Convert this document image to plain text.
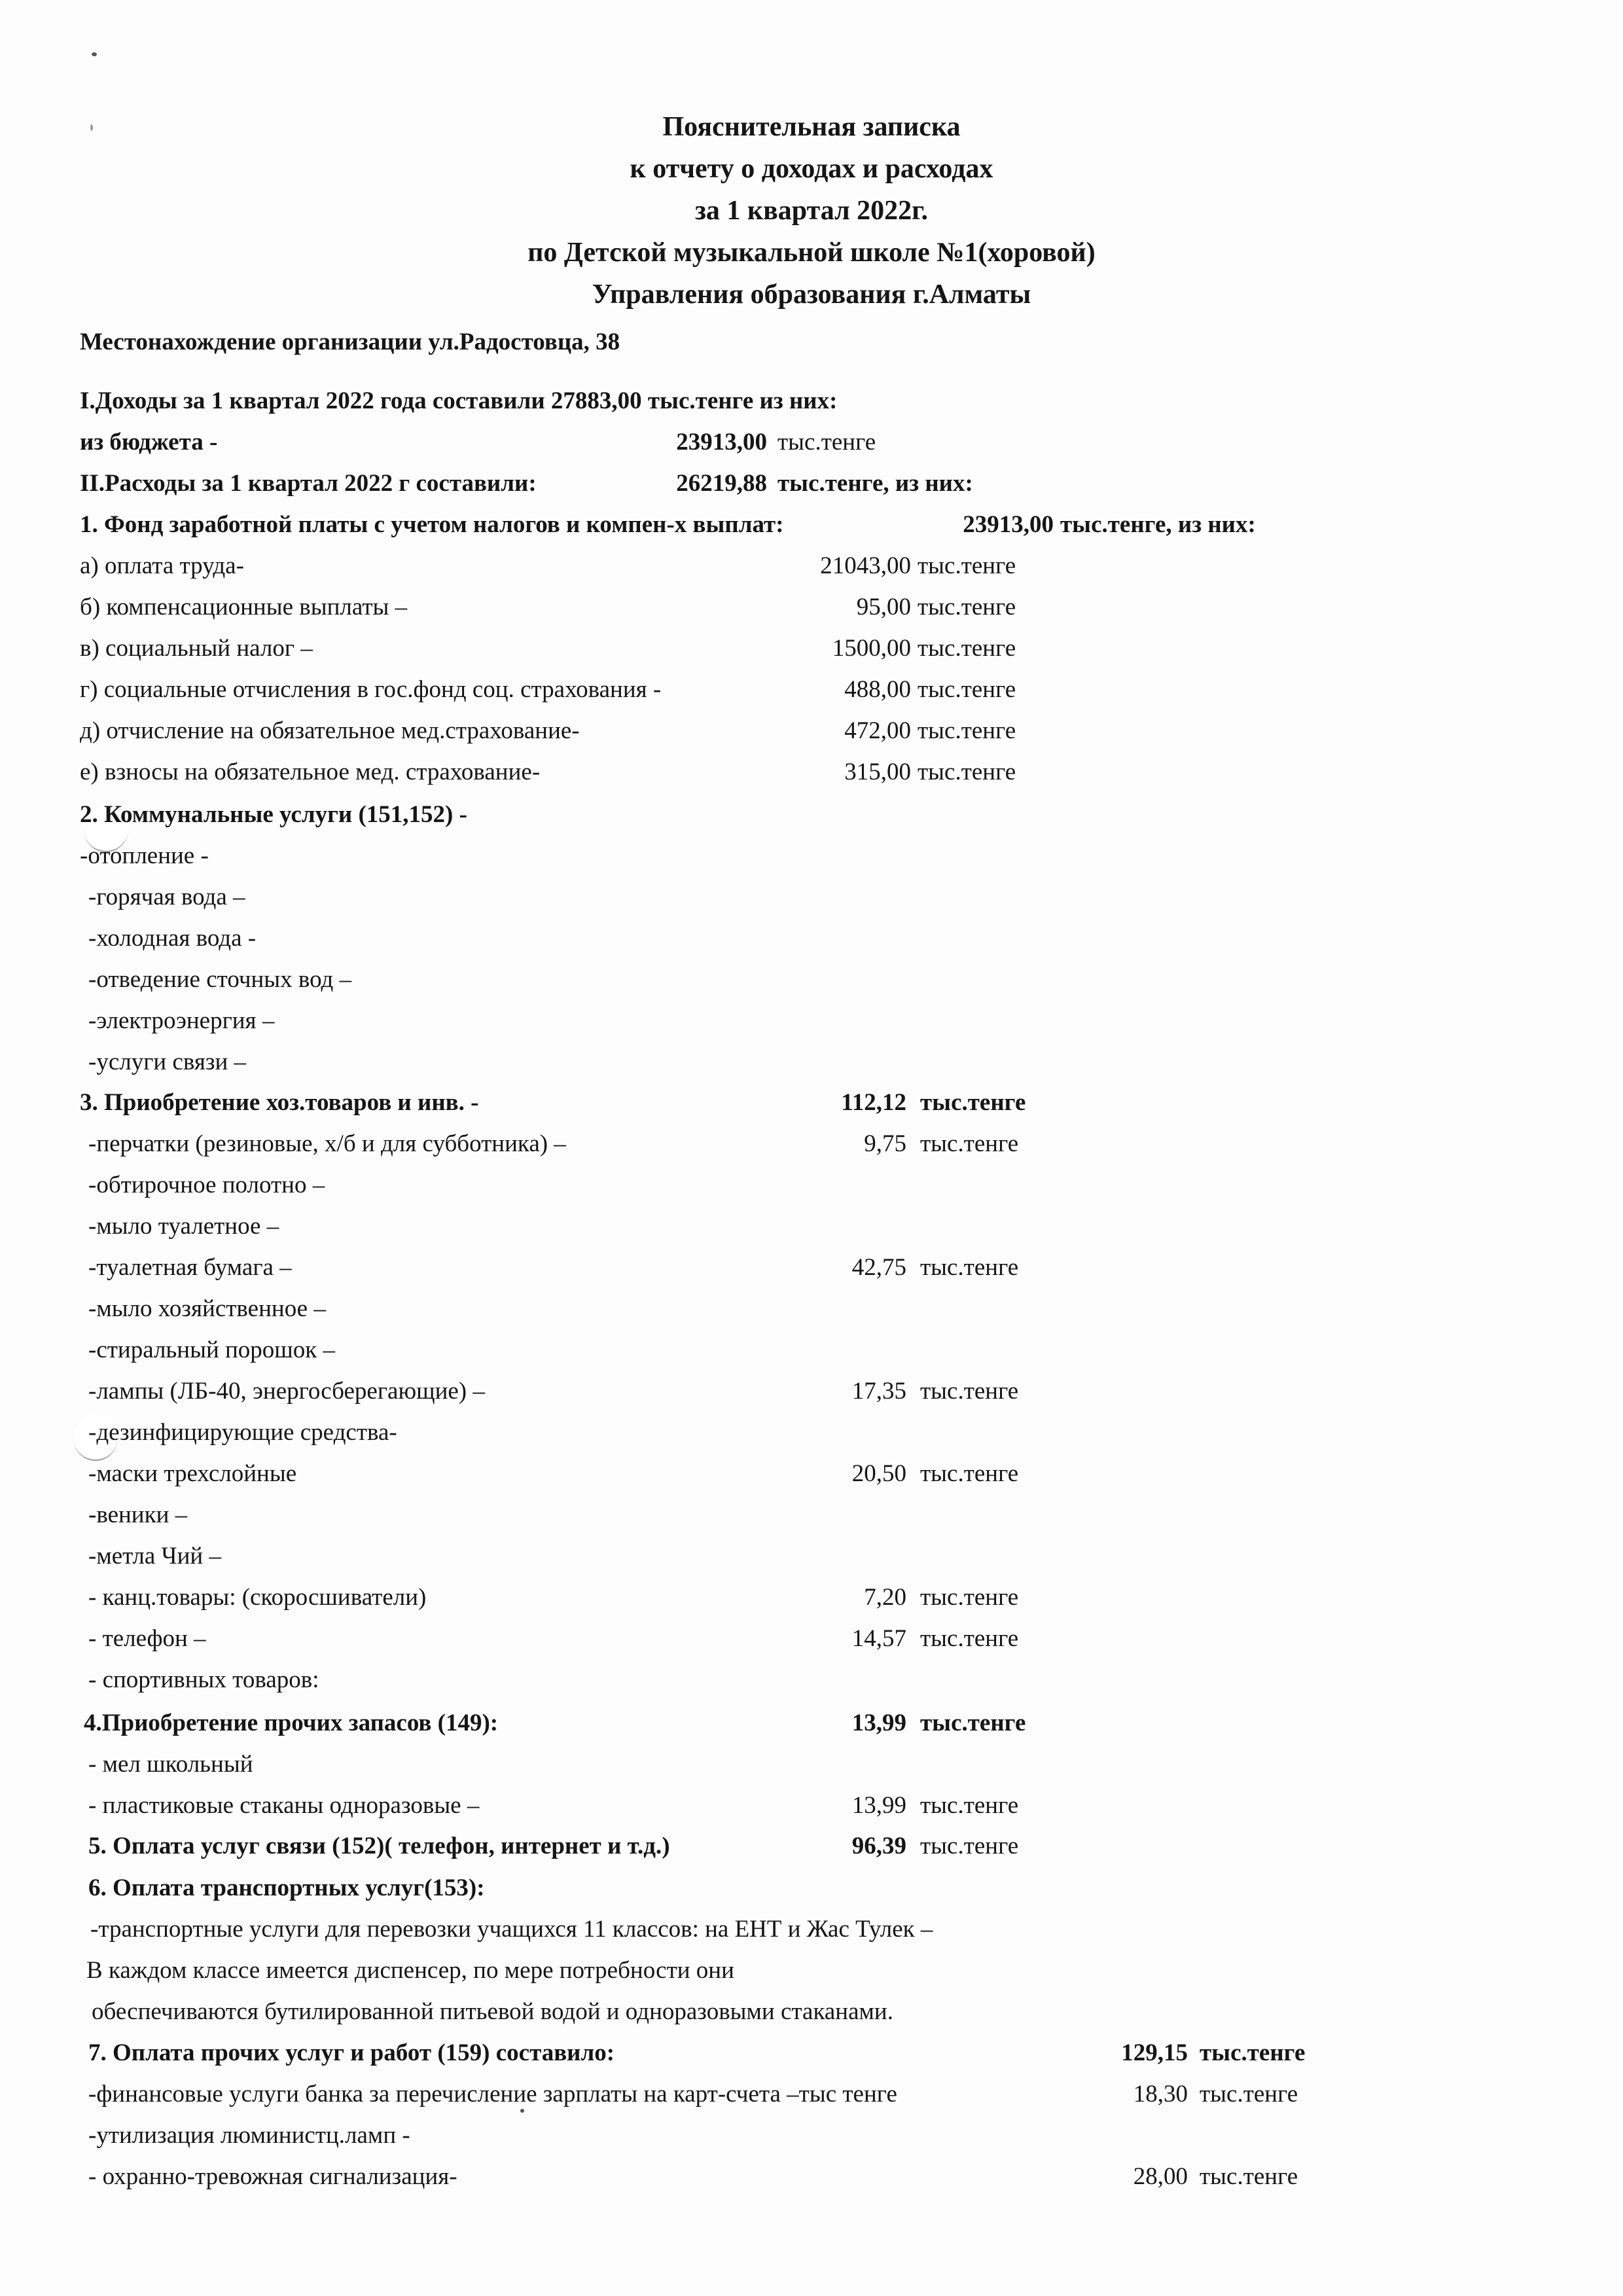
Пояснительная записка
к отчету о доходах и расходах
за 1 квартал 2022г.
по Детской музыкальной школе №1(хоровой)
Управления образования г.Алматы
Местонахождение организации ул.Радостовца, 38
I.Доходы за 1 квартал 2022 года составили 27883,00 тыс.тенге из них:
из бюджета -	23913,00 тыс.тенге
II.Расходы за 1 квартал 2022 г составили:	26219,88 тыс.тенге, из них:
1. Фонд заработной платы с учетом налогов и компен-х выплат:	23913,00 тыс.тенге, из них:
а) оплата труда-	21043,00 тыс.тенге
б) компенсационные выплаты –	95,00 тыс.тенге
в) социальный налог –	1500,00 тыс.тенге
г) социальные отчисления в гос.фонд соц. страхования -	488,00 тыс.тенге
д) отчисление на обязательное мед.страхование-	472,00 тыс.тенге
е) взносы на обязательное мед. страхование-	315,00 тыс.тенге
2. Коммунальные услуги (151,152) -
-отопление -
-горячая вода –
-холодная вода -
-отведение сточных вод –
-электроэнергия –
-услуги связи –
3. Приобретение хоз.товаров и инв. -	112,12 тыс.тенге
-перчатки (резиновые, х/б и для субботника) –	9,75 тыс.тенге
-обтирочное полотно –
-мыло туалетное –
-туалетная бумага –	42,75 тыс.тенге
-мыло хозяйственное –
-стиральный порошок –
-лампы (ЛБ-40, энергосберегающие) –	17,35 тыс.тенге
-дезинфицирующие средства-
-маски трехслойные	20,50 тыс.тенге
-веники –
-метла Чий –
- канц.товары: (скоросшиватели)	7,20 тыс.тенге
- телефон –	14,57 тыс.тенге
- спортивных товаров:
4.Приобретение прочих запасов (149):	13,99 тыс.тенге
- мел школьный
- пластиковые стаканы одноразовые –	13,99 тыс.тенге
5. Оплата услуг связи (152)( телефон, интернет и т.д.)	96,39 тыс.тенге
6. Оплата транспортных услуг(153):
-транспортные услуги для перевозки учащихся 11 классов: на ЕНТ и Жас Тулек –
В каждом классе имеется диспенсер, по мере потребности они
обеспечиваются бутилированной питьевой водой и одноразовыми стаканами.
7. Оплата прочих услуг и работ (159) составило:	129,15 тыс.тенге
-финансовые услуги банка за перечисление зарплаты на карт-счета –тыс тенге	18,30 тыс.тенге
-утилизация люминистц.ламп -
- охранно-тревожная сигнализация-	28,00 тыс.тенге
